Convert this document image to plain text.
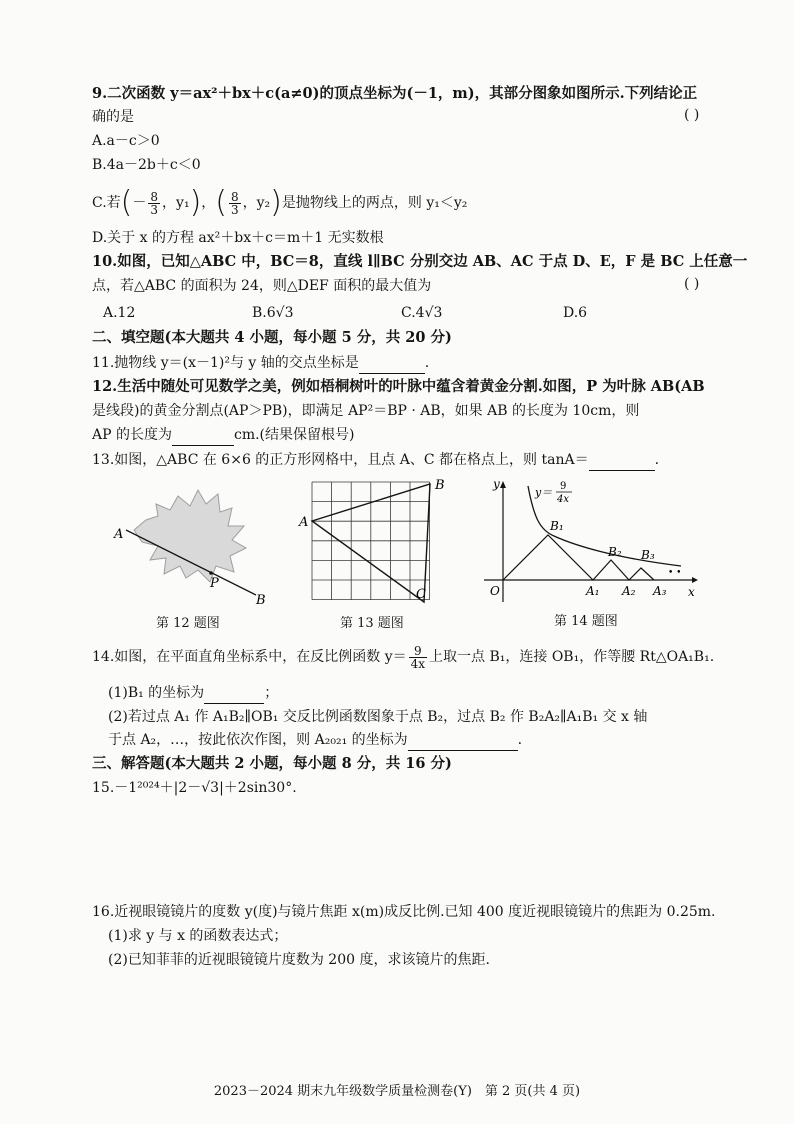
9.二次函数 y＝ax²＋bx＋c(a≠0)的顶点坐标为(－1，m)，其部分图象如图所示.下列结论正
确的是	( )
A.a－c＞0
B.4a－2b＋c＜0
C.若(－ $\frac{8}{3}$ ，y₁)，( $\frac{8}{3}$ ，y₂)是抛物线上的两点，则 y₁＜y₂
D.关于 x 的方程 ax²＋bx＋c＝m＋1 无实数根
10.如图，已知△ABC 中，BC＝8，直线 l∥BC 分别交边 AB、AC 于点 D、E，F 是 BC 上任意一
点，若△ABC 的面积为 24，则△DEF 面积的最大值为	( )
A.12	B.6√3	C.4√3	D.6
二、填空题(本大题共 4 小题，每小题 5 分，共 20 分)
11.抛物线 y＝(x－1)²与 y 轴的交点坐标是	.
12.生活中随处可见数学之美，例如梧桐树叶的叶脉中蕴含着黄金分割.如图，P 为叶脉 AB(AB
是线段)的黄金分割点(AP＞PB)，即满足 AP²＝BP · AB，如果 AB 的长度为 10cm，则
AP 的长度为	cm.(结果保留根号)
13.如图，△ABC 在 6×6 的正方形网格中，且点 A、C 都在格点上，则 tanA＝	.
A
P
B
第 12 题图
A
B
C
第 13 题图
y
x
O
y＝ 9
4x
B₁
B₂ B₃
A₁ A₂ A₃
• •
第 14 题图
14.如图，在平面直角坐标系中，在反比例函数 $y= \frac{9}{4x}$ 上取一点 B₁，连接 OB₁，作等腰 Rt△OA₁B₁.
(1)B₁ 的坐标为	；
(2)若过点 A₁ 作 A₁B₂∥OB₁ 交反比例函数图象于点 B₂，过点 B₂ 作 B₂A₂∥A₁B₁ 交 x 轴
于点 A₂，…，按此依次作图，则 A₂₀₂₁ 的坐标为	.
三、解答题(本大题共 2 小题，每小题 8 分，共 16 分)
15.－1²⁰²⁴＋|2－√3|＋2sin30°.
16.近视眼镜镜片的度数 y(度)与镜片焦距 x(m)成反比例.已知 400 度近视眼镜镜片的焦距为 0.25m.
(1)求 y 与 x 的函数表达式；
(2)已知菲菲的近视眼镜镜片度数为 200 度，求该镜片的焦距.
2023－2024 期末九年级数学质量检测卷(Y)　第 2 页(共 4 页)
